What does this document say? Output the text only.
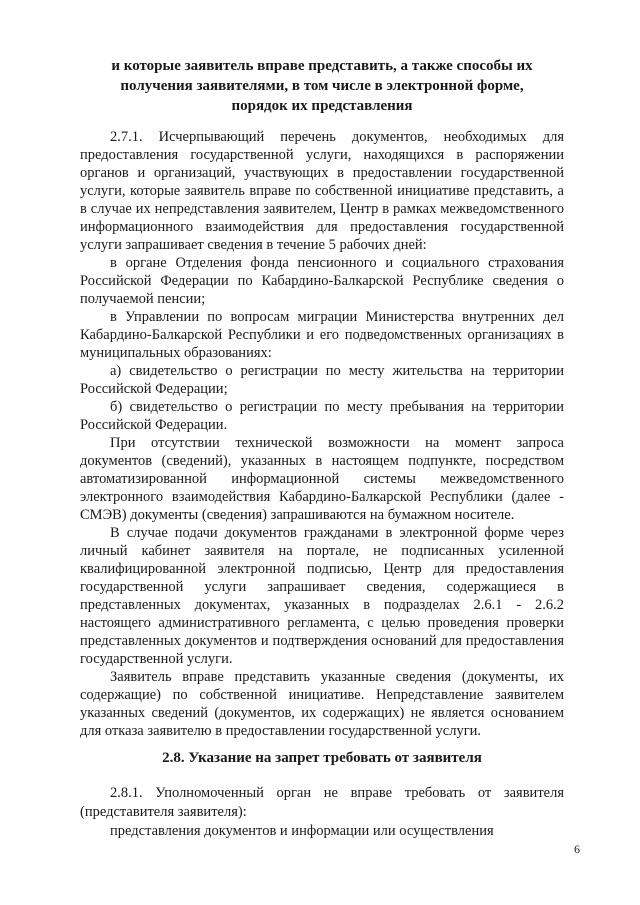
и которые заявитель вправе представить, а также способы их
получения заявителями, в том числе в электронной форме,
порядок их представления

2.7.1. Исчерпывающий перечень документов, необходимых для предоставления государственной услуги, находящихся в распоряжении органов и организаций, участвующих в предоставлении государственной услуги, которые заявитель вправе по собственной инициативе представить, а в случае их непредставления заявителем, Центр в рамках межведомственного информационного взаимодействия для предоставления государственной услуги запрашивает сведения в течение 5 рабочих дней:

в органе Отделения фонда пенсионного и социального страхования Российской Федерации по Кабардино-Балкарской Республике сведения о получаемой пенсии;

в Управлении по вопросам миграции Министерства внутренних дел Кабардино-Балкарской Республики и его подведомственных организациях в муниципальных образованиях:

а) свидетельство о регистрации по месту жительства на территории Российской Федерации;

б) свидетельство о регистрации по месту пребывания на территории Российской Федерации.

При отсутствии технической возможности на момент запроса документов (сведений), указанных в настоящем подпункте, посредством автоматизированной информационной системы межведомственного электронного взаимодействия Кабардино-Балкарской Республики (далее - СМЭВ) документы (сведения) запрашиваются на бумажном носителе.

В случае подачи документов гражданами в электронной форме через личный кабинет заявителя на портале, не подписанных усиленной квалифицированной электронной подписью, Центр для предоставления государственной услуги запрашивает сведения, содержащиеся в представленных документах, указанных в подразделах 2.6.1 - 2.6.2 настоящего административного регламента, с целью проведения проверки представленных документов и подтверждения оснований для предоставления государственной услуги.

Заявитель вправе представить указанные сведения (документы, их содержащие) по собственной инициативе. Непредставление заявителем указанных сведений (документов, их содержащих) не является основанием для отказа заявителю в предоставлении государственной услуги.

2.8. Указание на запрет требовать от заявителя

2.8.1. Уполномоченный орган не вправе требовать от заявителя (представителя заявителя):

представления документов и информации или осуществления

6
